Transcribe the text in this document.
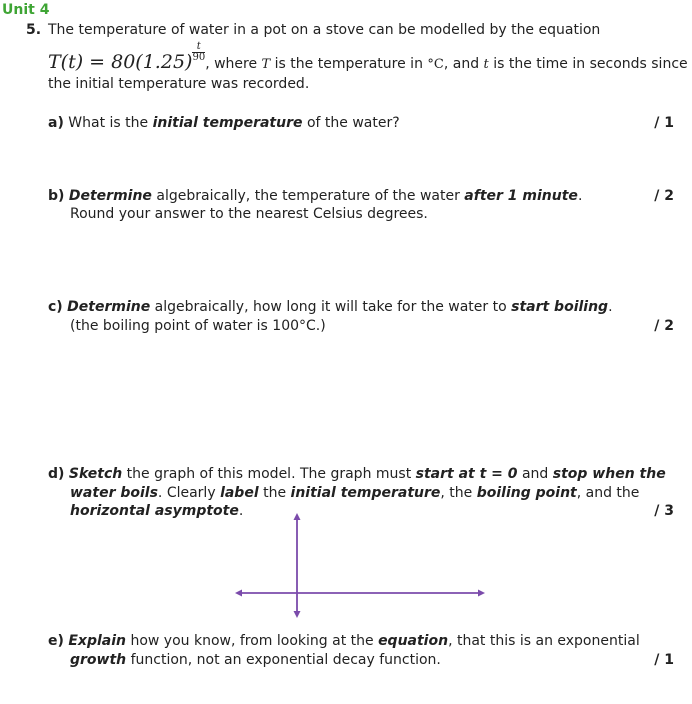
Unit 4
5. The temperature of water in a pot on a stove can be modelled by the equation
$T(t) = 80(1.25) \frac{t}{90}$
, where T is the temperature in °C, and t is the time in seconds since
the initial temperature was recorded.
a) What is the initial temperature of the water?	/ 1
b) Determine algebraically, the temperature of the water after 1 minute.
Round your answer to the nearest Celsius degrees.
/ 2
c) Determine algebraically, how long it will take for the water to start boiling.
(the boiling point of water is 100°C.)	/ 2
d) Sketch the graph of this model. The graph must start at t = 0 and stop when the
water boils. Clearly label the initial temperature, the boiling point, and the
horizontal asymptote.	/ 3
e) Explain how you know, from looking at the equation, that this is an exponential
growth function, not an exponential decay function.	/ 1
